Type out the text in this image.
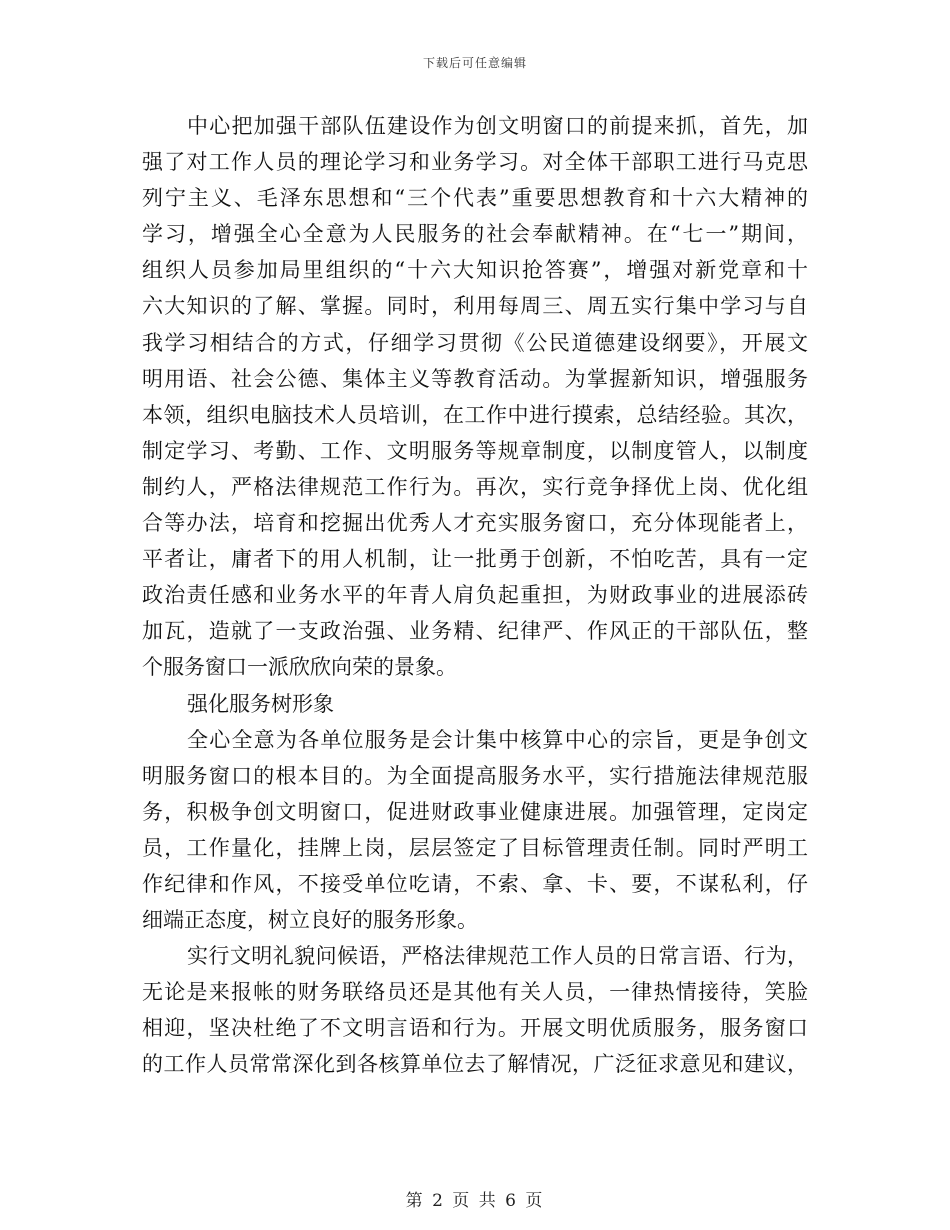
下载后可任意编辑
中心把加强干部队伍建设作为创文明窗口的前提来抓，首先，加
强了对工作人员的理论学习和业务学习。对全体干部职工进行马克思
列宁主义、毛泽东思想和“三个代表”重要思想教育和十六大精神的
学习，增强全心全意为人民服务的社会奉献精神。在“七一”期间，
组织人员参加局里组织的“十六大知识抢答赛”，增强对新党章和十
六大知识的了解、掌握。同时，利用每周三、周五实行集中学习与自
我学习相结合的方式，仔细学习贯彻《公民道德建设纲要》，开展文
明用语、社会公德、集体主义等教育活动。为掌握新知识，增强服务
本领，组织电脑技术人员培训，在工作中进行摸索，总结经验。其次，
制定学习、考勤、工作、文明服务等规章制度，以制度管人，以制度
制约人，严格法律规范工作行为。再次，实行竞争择优上岗、优化组
合等办法，培育和挖掘出优秀人才充实服务窗口，充分体现能者上，
平者让，庸者下的用人机制，让一批勇于创新，不怕吃苦，具有一定
政治责任感和业务水平的年青人肩负起重担，为财政事业的进展添砖
加瓦，造就了一支政治强、业务精、纪律严、作风正的干部队伍，整
个服务窗口一派欣欣向荣的景象。
强化服务树形象
全心全意为各单位服务是会计集中核算中心的宗旨，更是争创文
明服务窗口的根本目的。为全面提高服务水平，实行措施法律规范服
务，积极争创文明窗口，促进财政事业健康进展。加强管理，定岗定
员，工作量化，挂牌上岗，层层签定了目标管理责任制。同时严明工
作纪律和作风，不接受单位吃请，不索、拿、卡、要，不谋私利，仔
细端正态度，树立良好的服务形象。
实行文明礼貌问候语，严格法律规范工作人员的日常言语、行为，
无论是来报帐的财务联络员还是其他有关人员，一律热情接待，笑脸
相迎，坚决杜绝了不文明言语和行为。开展文明优质服务，服务窗口
的工作人员常常深化到各核算单位去了解情况，广泛征求意见和建议，
第 2 页 共 6 页
